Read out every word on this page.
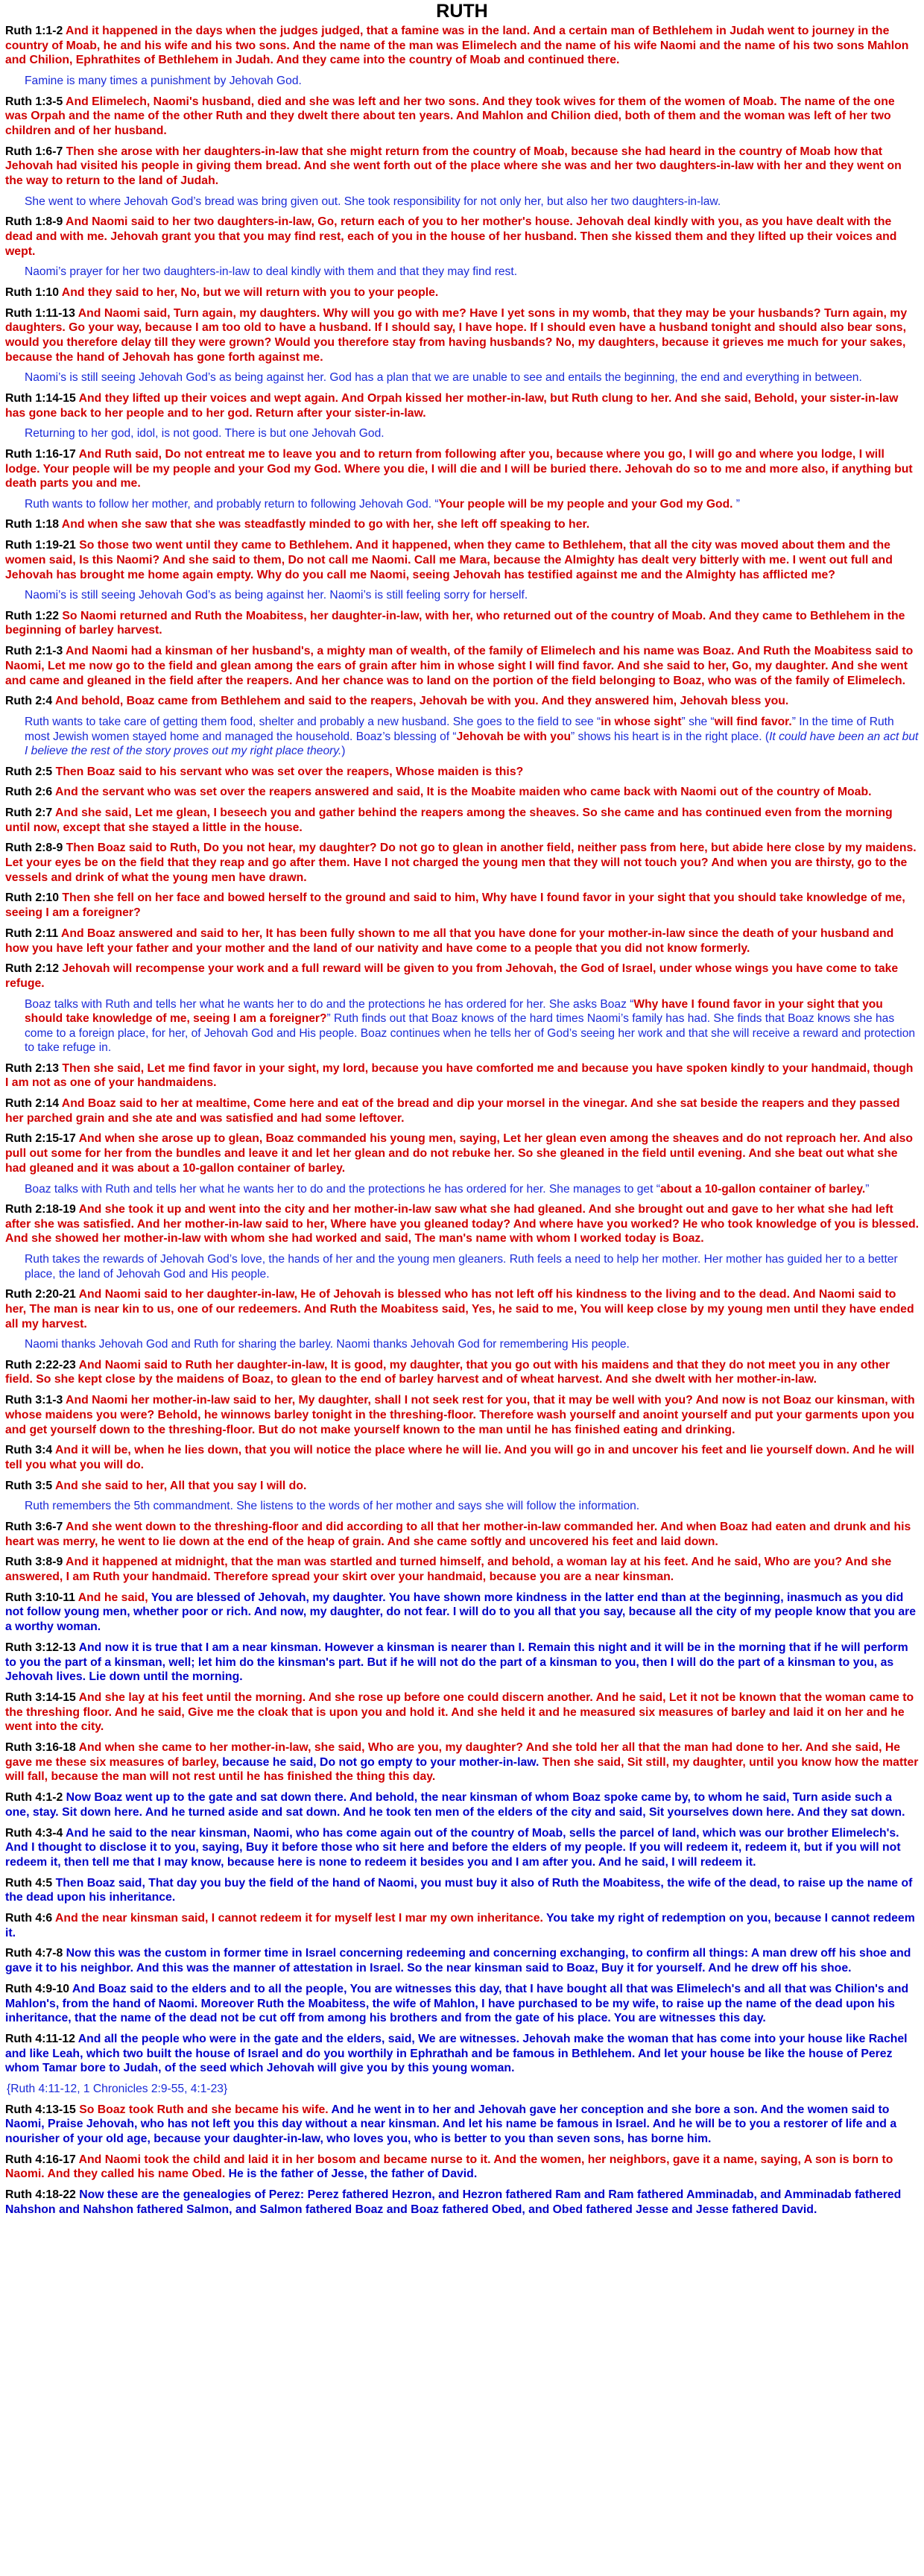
RUTH
Ruth 1:1-2 And it happened in the days when the judges judged, that a famine was in the land. And a certain man of Bethlehem in Judah went to journey in the country of Moab, he and his wife and his two sons. And the name of the man was Elimelech and the name of his wife Naomi and the name of his two sons Mahlon and Chilion, Ephrathites of Bethlehem in Judah. And they came into the country of Moab and continued there.
Famine is many times a punishment by Jehovah God.
Ruth 1:3-5 And Elimelech, Naomi's husband, died and she was left and her two sons. And they took wives for them of the women of Moab. The name of the one was Orpah and the name of the other Ruth and they dwelt there about ten years. And Mahlon and Chilion died, both of them and the woman was left of her two children and of her husband.
Ruth 1:6-7 Then she arose with her daughters-in-law that she might return from the country of Moab, because she had heard in the country of Moab how that Jehovah had visited his people in giving them bread. And she went forth out of the place where she was and her two daughters-in-law with her and they went on the way to return to the land of Judah.
She went to where Jehovah God’s bread was bring given out. She took responsibility for not only her, but also her two daughters-in-law.
Ruth 1:8-9 And Naomi said to her two daughters-in-law, Go, return each of you to her mother's house. Jehovah deal kindly with you, as you have dealt with the dead and with me. Jehovah grant you that you may find rest, each of you in the house of her husband. Then she kissed them and they lifted up their voices and wept.
Naomi’s prayer for her two daughters-in-law to deal kindly with them and that they may find rest.
Ruth 1:10 And they said to her, No, but we will return with you to your people.
Ruth 1:11-13 And Naomi said, Turn again, my daughters. Why will you go with me? Have I yet sons in my womb, that they may be your husbands? Turn again, my daughters. Go your way, because I am too old to have a husband. If I should say, I have hope. If I should even have a husband tonight and should also bear sons, would you therefore delay till they were grown? Would you therefore stay from having husbands? No, my daughters, because it grieves me much for your sakes, because the hand of Jehovah has gone forth against me.
Naomi’s is still seeing Jehovah God’s as being against her. God has a plan that we are unable to see and entails the beginning, the end and everything in between.
Ruth 1:14-15 And they lifted up their voices and wept again. And Orpah kissed her mother-in-law, but Ruth clung to her. And she said, Behold, your sister-in-law has gone back to her people and to her god. Return after your sister-in-law.
Returning to her god, idol, is not good. There is but one Jehovah God.
Ruth 1:16-17 And Ruth said, Do not entreat me to leave you and to return from following after you, because where you go, I will go and where you lodge, I will lodge. Your people will be my people and your God my God. Where you die, I will die and I will be buried there. Jehovah do so to me and more also, if anything but death parts you and me.
Ruth wants to follow her mother, and probably return to following Jehovah God. “Your people will be my people and your God my God. ”
Ruth 1:18 And when she saw that she was steadfastly minded to go with her, she left off speaking to her.
Ruth 1:19-21 So those two went until they came to Bethlehem. And it happened, when they came to Bethlehem, that all the city was moved about them and the women said, Is this Naomi? And she said to them, Do not call me Naomi. Call me Mara, because the Almighty has dealt very bitterly with me. I went out full and Jehovah has brought me home again empty. Why do you call me Naomi, seeing Jehovah has testified against me and the Almighty has afflicted me?
Naomi’s is still seeing Jehovah God’s as being against her. Naomi’s is still feeling sorry for herself.
Ruth 1:22 So Naomi returned and Ruth the Moabitess, her daughter-in-law, with her, who returned out of the country of Moab. And they came to Bethlehem in the beginning of barley harvest.
Ruth 2:1-3 And Naomi had a kinsman of her husband's, a mighty man of wealth, of the family of Elimelech and his name was Boaz. And Ruth the Moabitess said to Naomi, Let me now go to the field and glean among the ears of grain after him in whose sight I will find favor. And she said to her, Go, my daughter. And she went and came and gleaned in the field after the reapers. And her chance was to land on the portion of the field belonging to Boaz, who was of the family of Elimelech.
Ruth 2:4 And behold, Boaz came from Bethlehem and said to the reapers, Jehovah be with you. And they answered him, Jehovah bless you.
Ruth wants to take care of getting them food, shelter and probably a new husband. She goes to the field to see “in whose sight” she “will find favor.” In the time of Ruth most Jewish women stayed home and managed the household. Boaz’s blessing of “Jehovah be with you” shows his heart is in the right place. (It could have been an act but I believe the rest of the story proves out my right place theory.)
Ruth 2:5 Then Boaz said to his servant who was set over the reapers, Whose maiden is this?
Ruth 2:6 And the servant who was set over the reapers answered and said, It is the Moabite maiden who came back with Naomi out of the country of Moab.
Ruth 2:7 And she said, Let me glean, I beseech you and gather behind the reapers among the sheaves. So she came and has continued even from the morning until now, except that she stayed a little in the house.
Ruth 2:8-9 Then Boaz said to Ruth, Do you not hear, my daughter? Do not go to glean in another field, neither pass from here, but abide here close by my maidens. Let your eyes be on the field that they reap and go after them. Have I not charged the young men that they will not touch you? And when you are thirsty, go to the vessels and drink of what the young men have drawn.
Ruth 2:10 Then she fell on her face and bowed herself to the ground and said to him, Why have I found favor in your sight that you should take knowledge of me, seeing I am a foreigner?
Ruth 2:11 And Boaz answered and said to her, It has been fully shown to me all that you have done for your mother-in-law since the death of your husband and how you have left your father and your mother and the land of our nativity and have come to a people that you did not know formerly.
Ruth 2:12 Jehovah will recompense your work and a full reward will be given to you from Jehovah, the God of Israel, under whose wings you have come to take refuge.
Boaz talks with Ruth and tells her what he wants her to do and the protections he has ordered for her. She asks Boaz “Why have I found favor in your sight that you should take knowledge of me, seeing I am a foreigner?” Ruth finds out that Boaz knows of the hard times Naomi’s family has had. She finds that Boaz knows she has come to a foreign place, for her, of Jehovah God and His people. Boaz continues when he tells her of God’s seeing her work and that she will receive a reward and protection to take refuge in.
Ruth 2:13 Then she said, Let me find favor in your sight, my lord, because you have comforted me and because you have spoken kindly to your handmaid, though I am not as one of your handmaidens.
Ruth 2:14 And Boaz said to her at mealtime, Come here and eat of the bread and dip your morsel in the vinegar. And she sat beside the reapers and they passed her parched grain and she ate and was satisfied and had some leftover.
Ruth 2:15-17 And when she arose up to glean, Boaz commanded his young men, saying, Let her glean even among the sheaves and do not reproach her. And also pull out some for her from the bundles and leave it and let her glean and do not rebuke her. So she gleaned in the field until evening. And she beat out what she had gleaned and it was about a 10-gallon container of barley.
Boaz talks with Ruth and tells her what he wants her to do and the protections he has ordered for her. She manages to get “about a 10-gallon container of barley.”
Ruth 2:18-19 And she took it up and went into the city and her mother-in-law saw what she had gleaned. And she brought out and gave to her what she had left after she was satisfied. And her mother-in-law said to her, Where have you gleaned today? And where have you worked? He who took knowledge of you is blessed. And she showed her mother-in-law with whom she had worked and said, The man's name with whom I worked today is Boaz.
Ruth takes the rewards of Jehovah God’s love, the hands of her and the young men gleaners. Ruth feels a need to help her mother. Her mother has guided her to a better place, the land of Jehovah God and His people.
Ruth 2:20-21 And Naomi said to her daughter-in-law, He of Jehovah is blessed who has not left off his kindness to the living and to the dead. And Naomi said to her, The man is near kin to us, one of our redeemers. And Ruth the Moabitess said, Yes, he said to me, You will keep close by my young men until they have ended all my harvest.
Naomi thanks Jehovah God and Ruth for sharing the barley. Naomi thanks Jehovah God for remembering His people.
Ruth 2:22-23 And Naomi said to Ruth her daughter-in-law, It is good, my daughter, that you go out with his maidens and that they do not meet you in any other field. So she kept close by the maidens of Boaz, to glean to the end of barley harvest and of wheat harvest. And she dwelt with her mother-in-law.
Ruth 3:1-3 And Naomi her mother-in-law said to her, My daughter, shall I not seek rest for you, that it may be well with you? And now is not Boaz our kinsman, with whose maidens you were? Behold, he winnows barley tonight in the threshing-floor. Therefore wash yourself and anoint yourself and put your garments upon you and get yourself down to the threshing-floor. But do not make yourself known to the man until he has finished eating and drinking.
Ruth 3:4 And it will be, when he lies down, that you will notice the place where he will lie. And you will go in and uncover his feet and lie yourself down. And he will tell you what you will do.
Ruth 3:5 And she said to her, All that you say I will do.
Ruth remembers the 5th commandment. She listens to the words of her mother and says she will follow the information.
Ruth 3:6-7 And she went down to the threshing-floor and did according to all that her mother-in-law commanded her. And when Boaz had eaten and drunk and his heart was merry, he went to lie down at the end of the heap of grain. And she came softly and uncovered his feet and laid down.
Ruth 3:8-9 And it happened at midnight, that the man was startled and turned himself, and behold, a woman lay at his feet. And he said, Who are you? And she answered, I am Ruth your handmaid. Therefore spread your skirt over your handmaid, because you are a near kinsman.
Ruth 3:10-11 And he said, You are blessed of Jehovah, my daughter. You have shown more kindness in the latter end than at the beginning, inasmuch as you did not follow young men, whether poor or rich. And now, my daughter, do not fear. I will do to you all that you say, because all the city of my people know that you are a worthy woman.
Ruth 3:12-13 And now it is true that I am a near kinsman. However a kinsman is nearer than I. Remain this night and it will be in the morning that if he will perform to you the part of a kinsman, well; let him do the kinsman's part. But if he will not do the part of a kinsman to you, then I will do the part of a kinsman to you, as Jehovah lives. Lie down until the morning.
Ruth 3:14-15 And she lay at his feet until the morning. And she rose up before one could discern another. And he said, Let it not be known that the woman came to the threshing floor. And he said, Give me the cloak that is upon you and hold it. And she held it and he measured six measures of barley and laid it on her and he went into the city.
Ruth 3:16-18 And when she came to her mother-in-law, she said, Who are you, my daughter? And she told her all that the man had done to her. And she said, He gave me these six measures of barley, because he said, Do not go empty to your mother-in-law. Then she said, Sit still, my daughter, until you know how the matter will fall, because the man will not rest until he has finished the thing this day.
Ruth 4:1-2 Now Boaz went up to the gate and sat down there. And behold, the near kinsman of whom Boaz spoke came by, to whom he said, Turn aside such a one, stay. Sit down here. And he turned aside and sat down. And he took ten men of the elders of the city and said, Sit yourselves down here. And they sat down.
Ruth 4:3-4 And he said to the near kinsman, Naomi, who has come again out of the country of Moab, sells the parcel of land, which was our brother Elimelech's. And I thought to disclose it to you, saying, Buy it before those who sit here and before the elders of my people. If you will redeem it, redeem it, but if you will not redeem it, then tell me that I may know, because here is none to redeem it besides you and I am after you. And he said, I will redeem it.
Ruth 4:5 Then Boaz said, That day you buy the field of the hand of Naomi, you must buy it also of Ruth the Moabitess, the wife of the dead, to raise up the name of the dead upon his inheritance.
Ruth 4:6 And the near kinsman said, I cannot redeem it for myself lest I mar my own inheritance. You take my right of redemption on you, because I cannot redeem it.
Ruth 4:7-8 Now this was the custom in former time in Israel concerning redeeming and concerning exchanging, to confirm all things: A man drew off his shoe and gave it to his neighbor. And this was the manner of attestation in Israel. So the near kinsman said to Boaz, Buy it for yourself. And he drew off his shoe.
Ruth 4:9-10 And Boaz said to the elders and to all the people, You are witnesses this day, that I have bought all that was Elimelech's and all that was Chilion's and Mahlon's, from the hand of Naomi. Moreover Ruth the Moabitess, the wife of Mahlon, I have purchased to be my wife, to raise up the name of the dead upon his inheritance, that the name of the dead not be cut off from among his brothers and from the gate of his place. You are witnesses this day.
Ruth 4:11-12 And all the people who were in the gate and the elders, said, We are witnesses. Jehovah make the woman that has come into your house like Rachel and like Leah, which two built the house of Israel and do you worthily in Ephrathah and be famous in Bethlehem. And let your house be like the house of Perez whom Tamar bore to Judah, of the seed which Jehovah will give you by this young woman.
{Ruth 4:11-12, 1 Chronicles 2:9-55, 4:1-23}
Ruth 4:13-15 So Boaz took Ruth and she became his wife. And he went in to her and Jehovah gave her conception and she bore a son. And the women said to Naomi, Praise Jehovah, who has not left you this day without a near kinsman. And let his name be famous in Israel. And he will be to you a restorer of life and a nourisher of your old age, because your daughter-in-law, who loves you, who is better to you than seven sons, has borne him.
Ruth 4:16-17 And Naomi took the child and laid it in her bosom and became nurse to it. And the women, her neighbors, gave it a name, saying, A son is born to Naomi. And they called his name Obed. He is the father of Jesse, the father of David.
Ruth 4:18-22 Now these are the genealogies of Perez: Perez fathered Hezron, and Hezron fathered Ram and Ram fathered Amminadab, and Amminadab fathered Nahshon and Nahshon fathered Salmon, and Salmon fathered Boaz and Boaz fathered Obed, and Obed fathered Jesse and Jesse fathered David.
